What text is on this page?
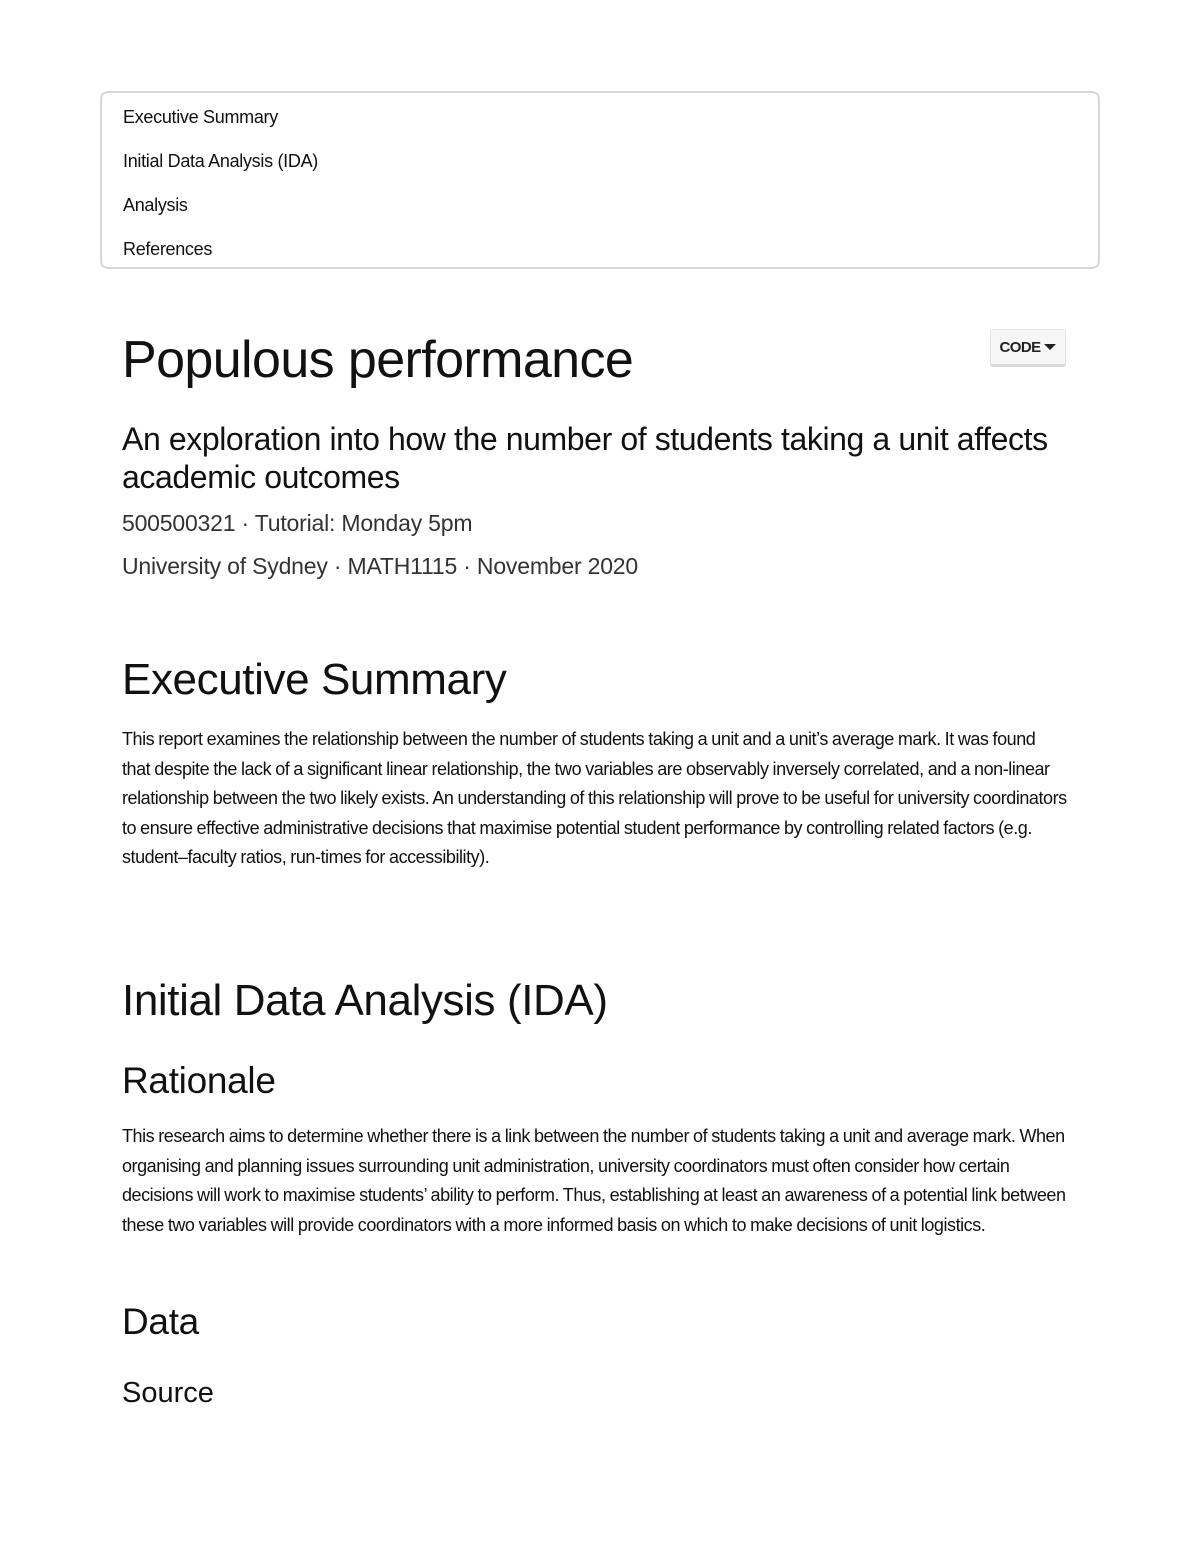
Executive Summary
Initial Data Analysis (IDA)
Analysis
References
CODE
Populous performance
An exploration into how the number of students taking a unit affects academic outcomes

500500321 · Tutorial: Monday 5pm

University of Sydney · MATH1115 · November 2020

Executive Summary

This report examines the relationship between the number of students taking a unit and a unit’s average mark. It was found that despite the lack of a significant linear relationship, the two variables are observably inversely correlated, and a non-linear relationship between the two likely exists. An understanding of this relationship will prove to be useful for university coordinators to ensure effective administrative decisions that maximise potential student performance by controlling related factors (e.g. student–faculty ratios, run-times for accessibility).

Initial Data Analysis (IDA)
Rationale

This research aims to determine whether there is a link between the number of students taking a unit and average mark. When organising and planning issues surrounding unit administration, university coordinators must often consider how certain decisions will work to maximise students’ ability to perform. Thus, establishing at least an awareness of a potential link between these two variables will provide coordinators with a more informed basis on which to make decisions of unit logistics.

Data
Source
